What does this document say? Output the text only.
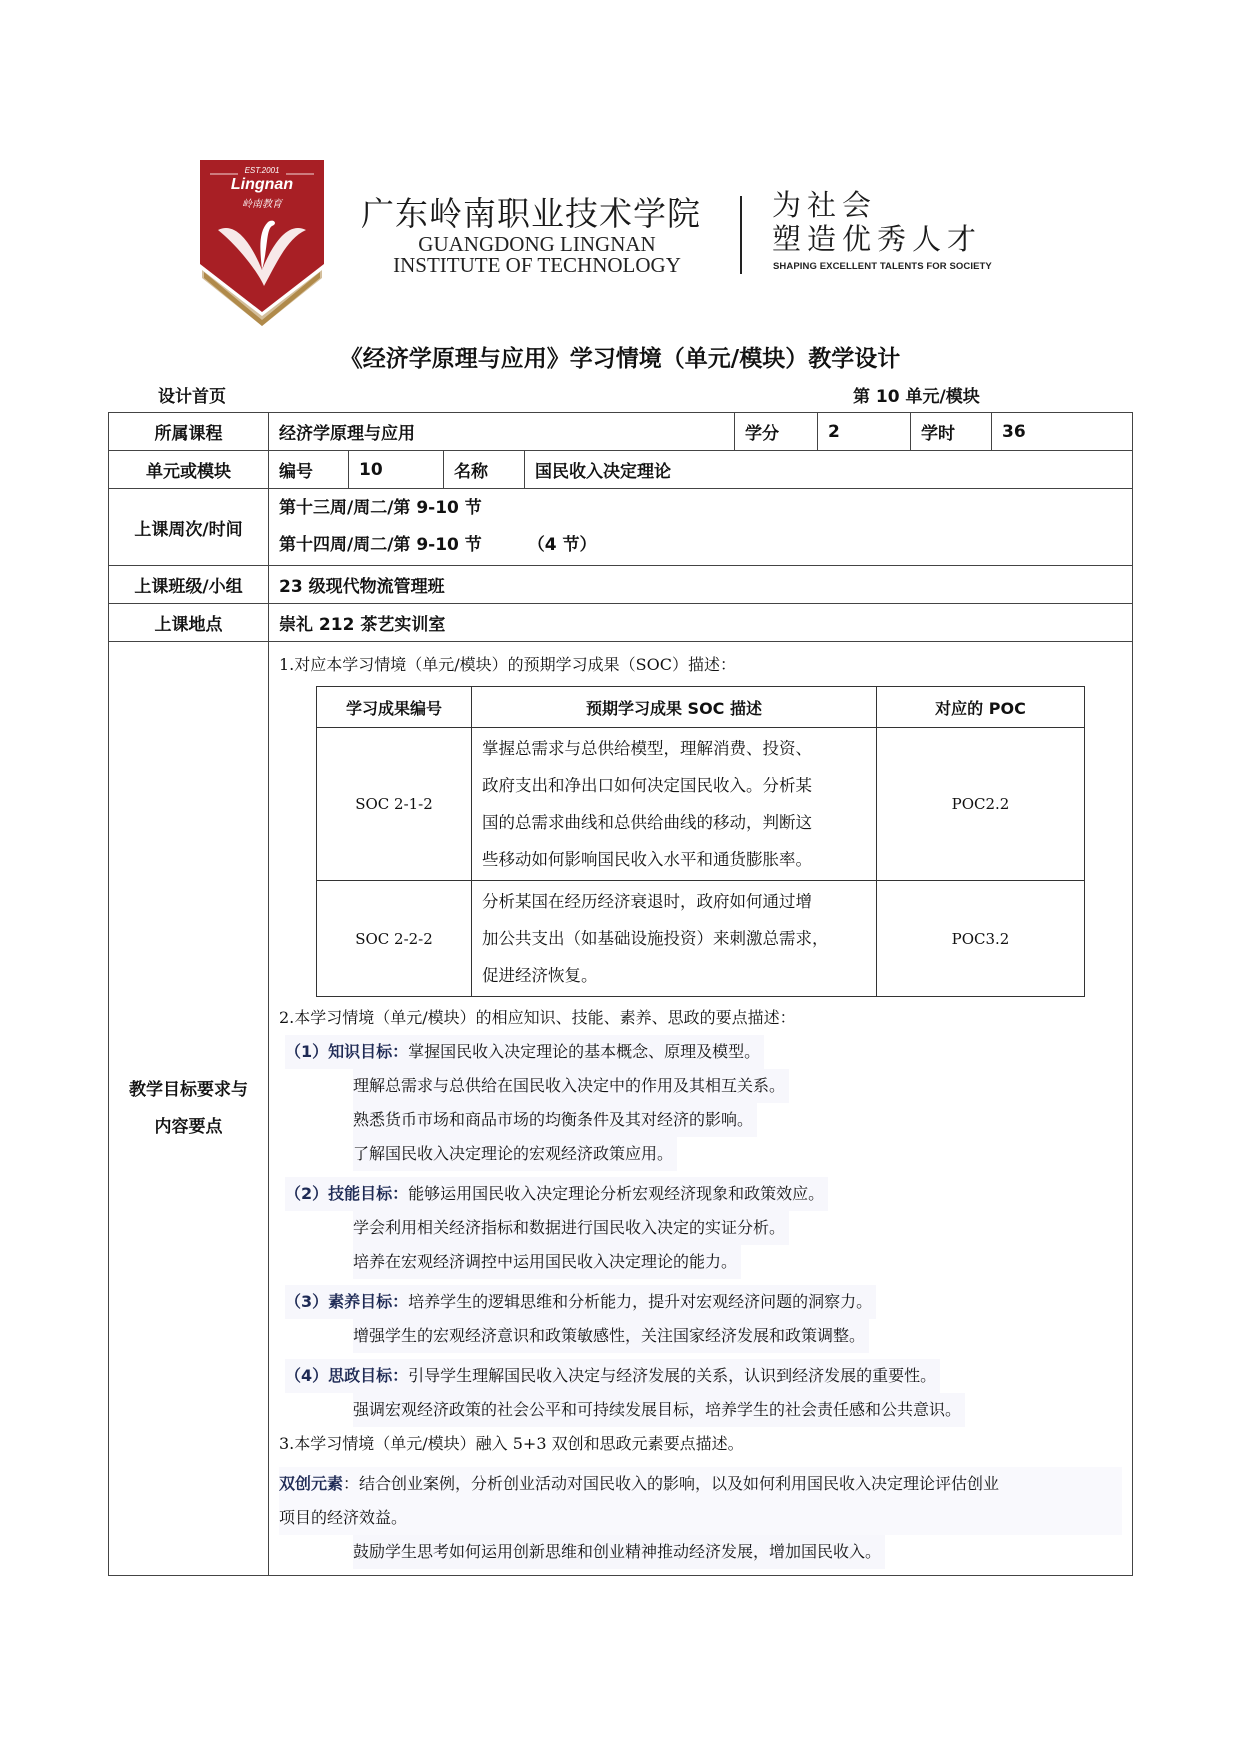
EST.2001
Lingnan
岭南教育	广东岭南职业技术学院
GUANGDONG LINGNAN
INSTITUTE OF TECHNOLOGY
为社会
塑造优秀人才
SHAPING EXCELLENT TALENTS FOR SOCIETY
《经济学原理与应用》学习情境（单元/模块）教学设计
设计首页	第 10 单元/模块
所属课程	经济学原理与应用	学分	2	学时	36
单元或模块	编号	10	名称	国民收入决定理论
上课周次/时间	
第十三周/周二/第 9-10 节
第十四周/周二/第 9-10 节	（4 节）

上课班级/小组	23 级现代物流管理班
上课地点	崇礼 212 茶艺实训室

教学目标要求与
内容要点

1.对应本学习情境（单元/模块）的预期学习成果（SOC）描述：
学习成果编号	预期学习成果 SOC 描述	对应的 POC
SOC 2-1-2	
掌握总需求与总供给模型，理解消费、投资、
政府支出和净出口如何决定国民收入。分析某
国的总需求曲线和总供给曲线的移动，判断这
些移动如何影响国民收入水平和通货膨胀率。
	POC2.2
SOC 2-2-2	
分析某国在经历经济衰退时，政府如何通过增
加公共支出（如基础设施投资）来刺激总需求，
促进经济恢复。
	POC3.2
2.本学习情境（单元/模块）的相应知识、技能、素养、思政的要点描述：
（1）知识目标：掌握国民收入决定理论的基本概念、原理及模型。
理解总需求与总供给在国民收入决定中的作用及其相互关系。
熟悉货币市场和商品市场的均衡条件及其对经济的影响。
了解国民收入决定理论的宏观经济政策应用。
（2）技能目标：能够运用国民收入决定理论分析宏观经济现象和政策效应。
学会利用相关经济指标和数据进行国民收入决定的实证分析。
培养在宏观经济调控中运用国民收入决定理论的能力。
（3）素养目标：培养学生的逻辑思维和分析能力，提升对宏观经济问题的洞察力。
增强学生的宏观经济意识和政策敏感性，关注国家经济发展和政策调整。
（4）思政目标：引导学生理解国民收入决定与经济发展的关系，认识到经济发展的重要性。
强调宏观经济政策的社会公平和可持续发展目标，培养学生的社会责任感和公共意识。
3.本学习情境（单元/模块）融入 5+3 双创和思政元素要点描述。
双创元素：结合创业案例，分析创业活动对国民收入的影响，以及如何利用国民收入决定理论评估创业
项目的经济效益。
鼓励学生思考如何运用创新思维和创业精神推动经济发展，增加国民收入。
